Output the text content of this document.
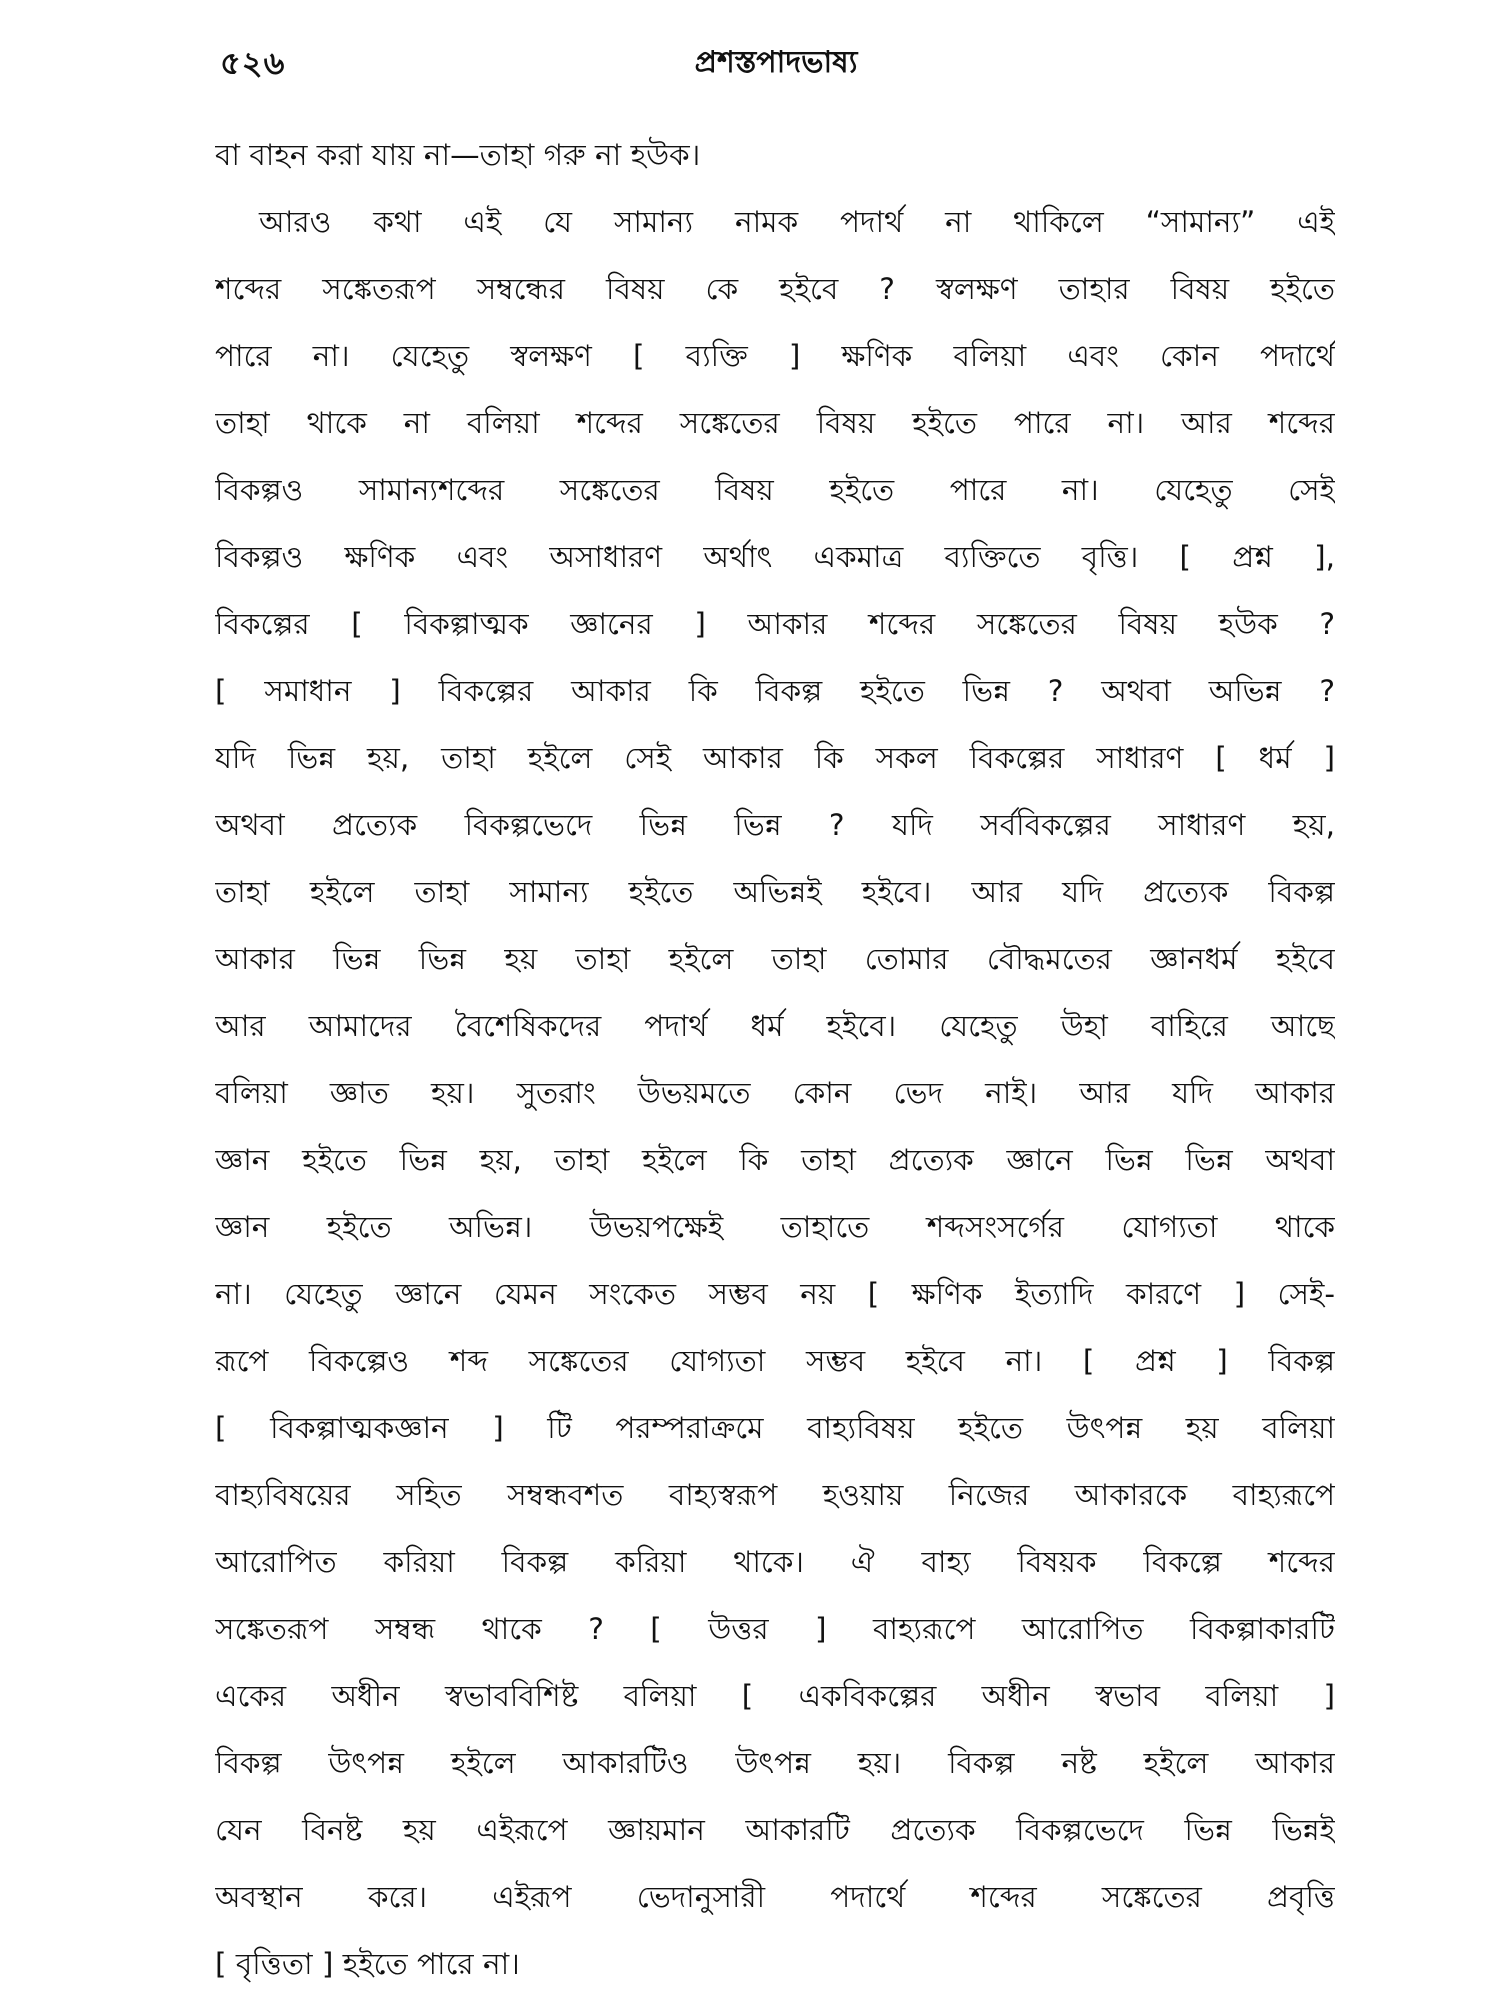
৫২৬	প্রশস্তপাদভাষ্য
বা বাহন করা যায় না—তাহা গরু না হউক।
আরও কথা এই যে সামান্য নামক পদার্থ না থাকিলে “সামান্য” এই
শব্দের সঙ্কেতরূপ সম্বন্ধের বিষয় কে হইবে ? স্বলক্ষণ তাহার বিষয় হইতে
পারে না। যেহেতু স্বলক্ষণ [ ব্যক্তি ] ক্ষণিক বলিয়া এবং কোন পদার্থে
তাহা থাকে না বলিয়া শব্দের সঙ্কেতের বিষয় হইতে পারে না। আর শব্দের
বিকল্পও সামান্যশব্দের সঙ্কেতের বিষয় হইতে পারে না। যেহেতু সেই
বিকল্পও ক্ষণিক এবং অসাধারণ অর্থাৎ একমাত্র ব্যক্তিতে বৃত্তি। [ প্রশ্ন ],
বিকল্পের [ বিকল্পাত্মক জ্ঞানের ] আকার শব্দের সঙ্কেতের বিষয় হউক ?
[ সমাধান ] বিকল্পের আকার কি বিকল্প হইতে ভিন্ন ? অথবা অভিন্ন ?
যদি ভিন্ন হয়, তাহা হইলে সেই আকার কি সকল বিকল্পের সাধারণ [ ধর্ম ]
অথবা প্রত্যেক বিকল্পভেদে ভিন্ন ভিন্ন ? যদি সর্ববিকল্পের সাধারণ হয়,
তাহা হইলে তাহা সামান্য হইতে অভিন্নই হইবে। আর যদি প্রত্যেক বিকল্প
আকার ভিন্ন ভিন্ন হয় তাহা হইলে তাহা তোমার বৌদ্ধমতের জ্ঞানধর্ম হইবে
আর আমাদের বৈশেষিকদের পদার্থ ধর্ম হইবে। যেহেতু উহা বাহিরে আছে
বলিয়া জ্ঞাত হয়। সুতরাং উভয়মতে কোন ভেদ নাই। আর যদি আকার
জ্ঞান হইতে ভিন্ন হয়, তাহা হইলে কি তাহা প্রত্যেক জ্ঞানে ভিন্ন ভিন্ন অথবা
জ্ঞান হইতে অভিন্ন। উভয়পক্ষেই তাহাতে শব্দসংসর্গের যোগ্যতা থাকে
না। যেহেতু জ্ঞানে যেমন সংকেত সম্ভব নয় [ ক্ষণিক ইত্যাদি কারণে ] সেই-
রূপে বিকল্পেও শব্দ সঙ্কেতের যোগ্যতা সম্ভব হইবে না। [ প্রশ্ন ] বিকল্প
[ বিকল্পাত্মকজ্ঞান ] টি পরম্পরাক্রমে বাহ্যবিষয় হইতে উৎপন্ন হয় বলিয়া
বাহ্যবিষয়ের সহিত সম্বন্ধবশত বাহ্যস্বরূপ হওয়ায় নিজের আকারকে বাহ্যরূপে
আরোপিত করিয়া বিকল্প করিয়া থাকে। ঐ বাহ্য বিষয়ক বিকল্পে শব্দের
সঙ্কেতরূপ সম্বন্ধ থাকে ? [ উত্তর ] বাহ্যরূপে আরোপিত বিকল্পাকারটি
একের অধীন স্বভাববিশিষ্ট বলিয়া [ একবিকল্পের অধীন স্বভাব বলিয়া ]
বিকল্প উৎপন্ন হইলে আকারটিও উৎপন্ন হয়। বিকল্প নষ্ট হইলে আকার
যেন বিনষ্ট হয় এইরূপে জ্ঞায়মান আকারটি প্রত্যেক বিকল্পভেদে ভিন্ন ভিন্নই
অবস্থান করে। এইরূপ ভেদানুসারী পদার্থে শব্দের সঙ্কেতের প্রবৃত্তি
[ বৃত্তিতা ] হইতে পারে না।
